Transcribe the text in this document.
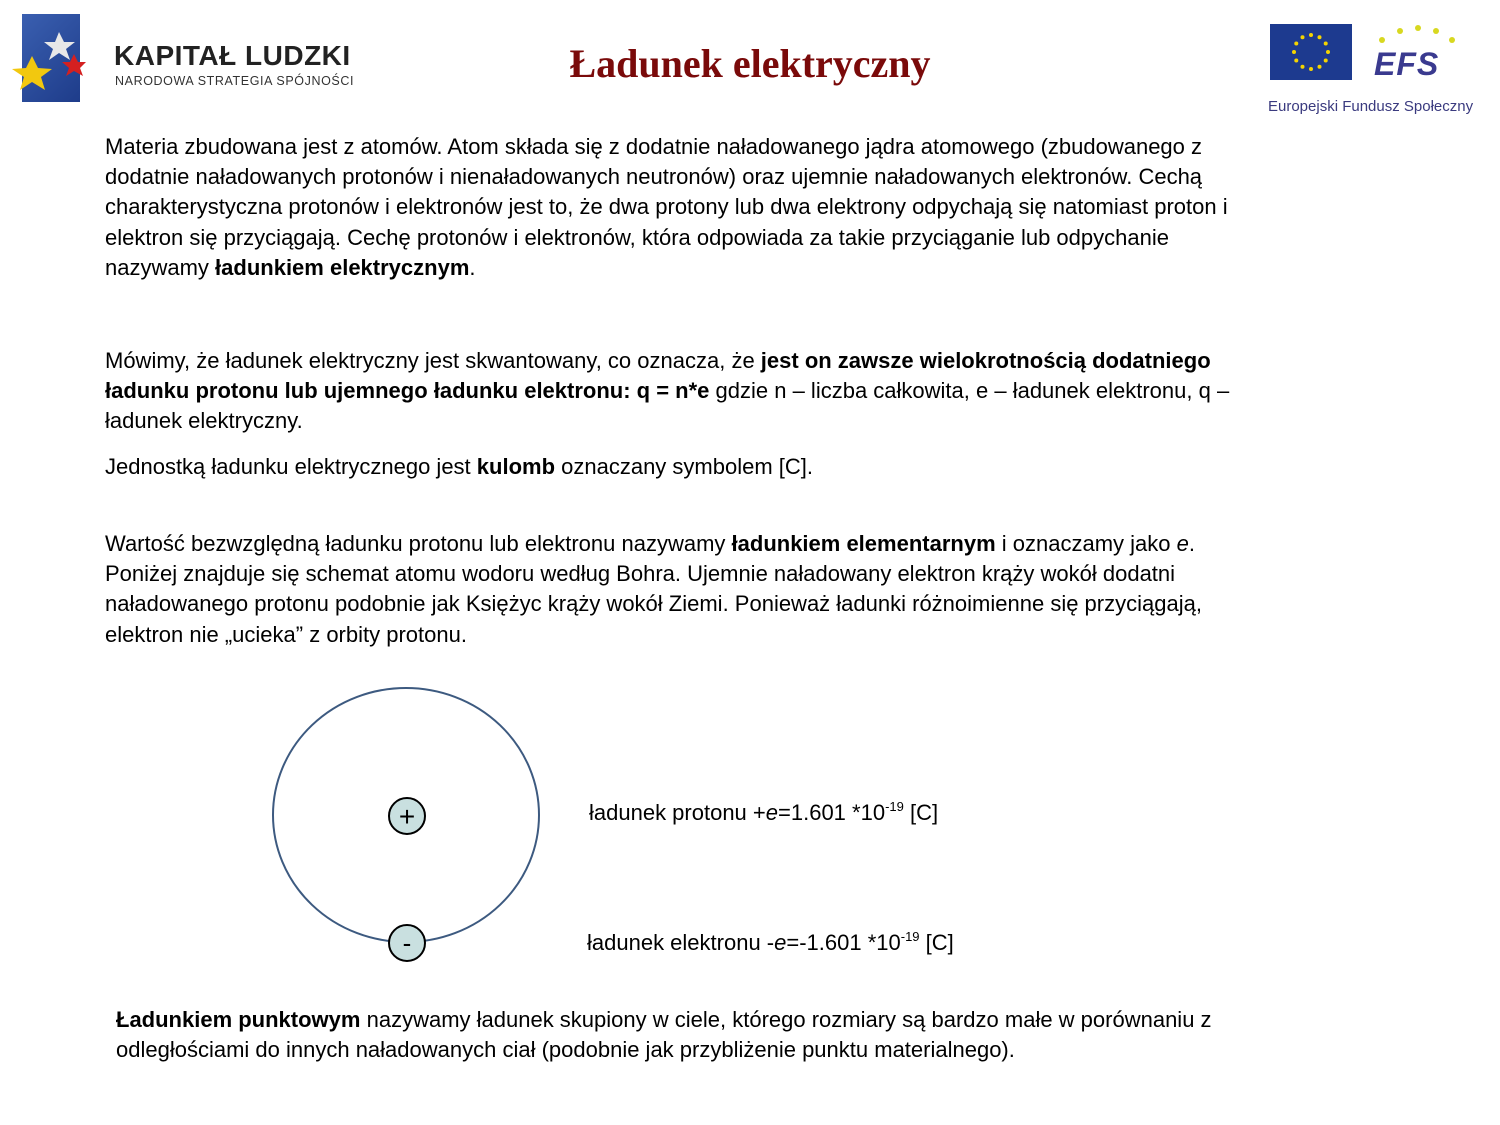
KAPITAŁ LUDZKI
NARODOWA STRATEGIA SPÓJNOŚCI	Ładunek elektryczny	EFS
Europejski Fundusz Społeczny
Materia zbudowana jest z atomów. Atom składa się z dodatnie naładowanego jądra atomowego (zbudowanego z
dodatnie naładowanych protonów i nienaładowanych neutronów) oraz ujemnie naładowanych elektronów. Cechą
charakterystyczna protonów i elektronów jest to, że dwa protony lub dwa elektrony odpychają się natomiast proton i
elektron się przyciągają. Cechę protonów i elektronów, która odpowiada za takie przyciąganie lub odpychanie
nazywamy ładunkiem elektrycznym.
Mówimy, że ładunek elektryczny jest skwantowany, co oznacza, że jest on zawsze wielokrotnością dodatniego
ładunku protonu lub ujemnego ładunku elektronu: q = n*e gdzie n – liczba całkowita, e – ładunek elektronu, q –
ładunek elektryczny.
Jednostką ładunku elektrycznego jest kulomb oznaczany symbolem [C].
Wartość bezwzględną ładunku protonu lub elektronu nazywamy ładunkiem elementarnym i oznaczamy jako e.
Poniżej znajduje się schemat atomu wodoru według Bohra. Ujemnie naładowany elektron krąży wokół dodatni
naładowanego protonu podobnie jak Księżyc krąży wokół Ziemi. Ponieważ ładunki różnoimienne się przyciągają,
elektron nie „ucieka” z orbity protonu.
Ładunkiem punktowym nazywamy ładunek skupiony w ciele, którego rozmiary są bardzo małe w porównaniu z
odległościami do innych naładowanych ciał (podobnie jak przybliżenie punktu materialnego).
+
-
ładunek protonu +e=1.601 $*10^{-19}$ [C]
ładunek elektronu -e=-1.601 $*10^{-19}$ [C]
